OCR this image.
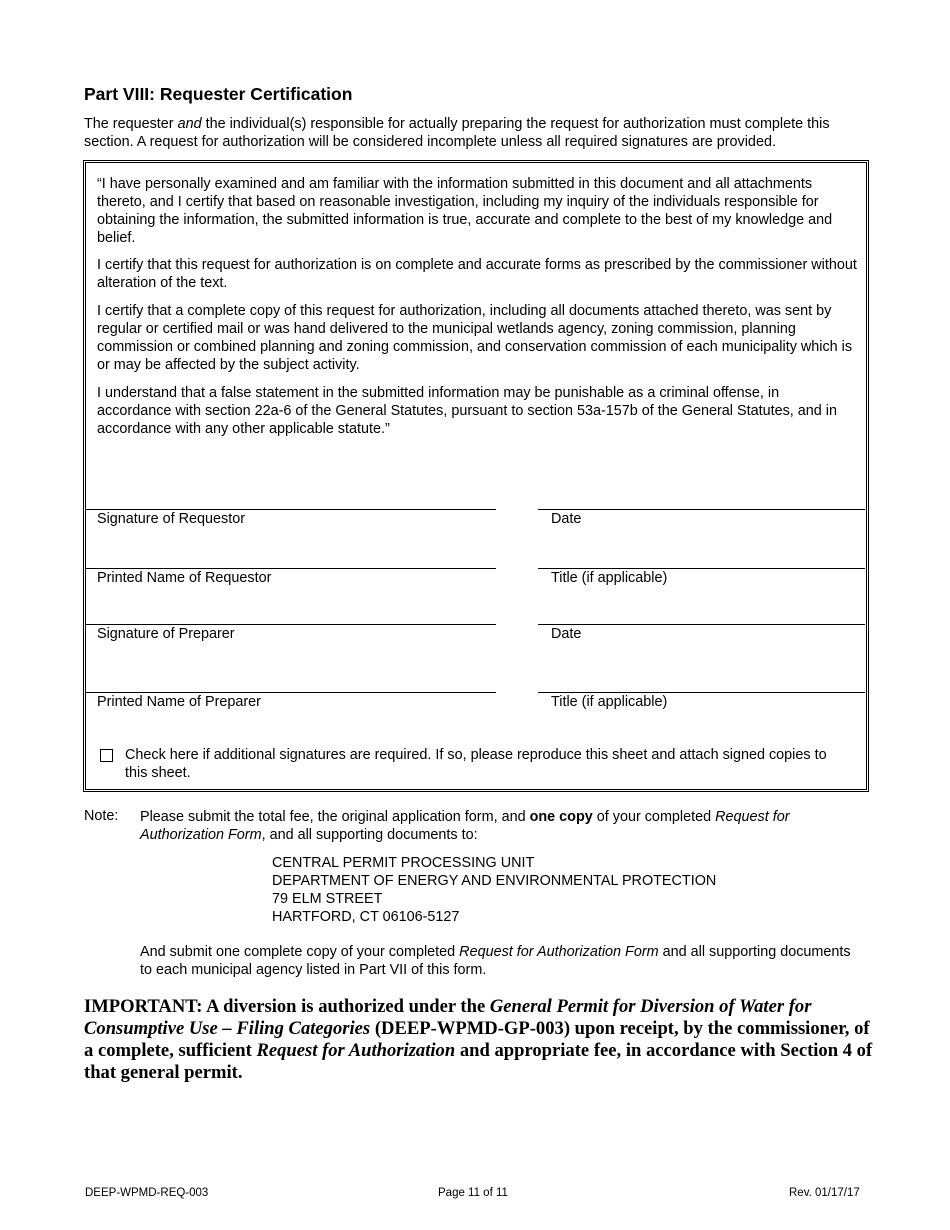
Part VIII: Requester Certification
The requester and the individual(s) responsible for actually preparing the request for authorization must complete this section. A request for authorization will be considered incomplete unless all required signatures are provided.
“I have personally examined and am familiar with the information submitted in this document and all attachments thereto, and I certify that based on reasonable investigation, including my inquiry of the individuals responsible for obtaining the information, the submitted information is true, accurate and complete to the best of my knowledge and belief.
I certify that this request for authorization is on complete and accurate forms as prescribed by the commissioner without alteration of the text.
I certify that a complete copy of this request for authorization, including all documents attached thereto, was sent by regular or certified mail or was hand delivered to the municipal wetlands agency, zoning commission, planning commission or combined planning and zoning commission, and conservation commission of each municipality which is or may be affected by the subject activity.
I understand that a false statement in the submitted information may be punishable as a criminal offense, in accordance with section 22a-6 of the General Statutes, pursuant to section 53a-157b of the General Statutes, and in accordance with any other applicable statute.”
Signature of Requestor	Date
Printed Name of Requestor	Title (if applicable)
Signature of Preparer	Date
Printed Name of Preparer	Title (if applicable)
Check here if additional signatures are required. If so, please reproduce this sheet and attach signed copies to this sheet.
Note: Please submit the total fee, the original application form, and one copy of your completed Request for Authorization Form, and all supporting documents to:
CENTRAL PERMIT PROCESSING UNIT
DEPARTMENT OF ENERGY AND ENVIRONMENTAL PROTECTION
79 ELM STREET
HARTFORD, CT 06106-5127
And submit one complete copy of your completed Request for Authorization Form and all supporting documents to each municipal agency listed in Part VII of this form.
IMPORTANT: A diversion is authorized under the General Permit for Diversion of Water for Consumptive Use – Filing Categories (DEEP-WPMD-GP-003) upon receipt, by the commissioner, of a complete, sufficient Request for Authorization and appropriate fee, in accordance with Section 4 of that general permit.
DEEP-WPMD-REQ-003	Page 11 of 11	Rev. 01/17/17
